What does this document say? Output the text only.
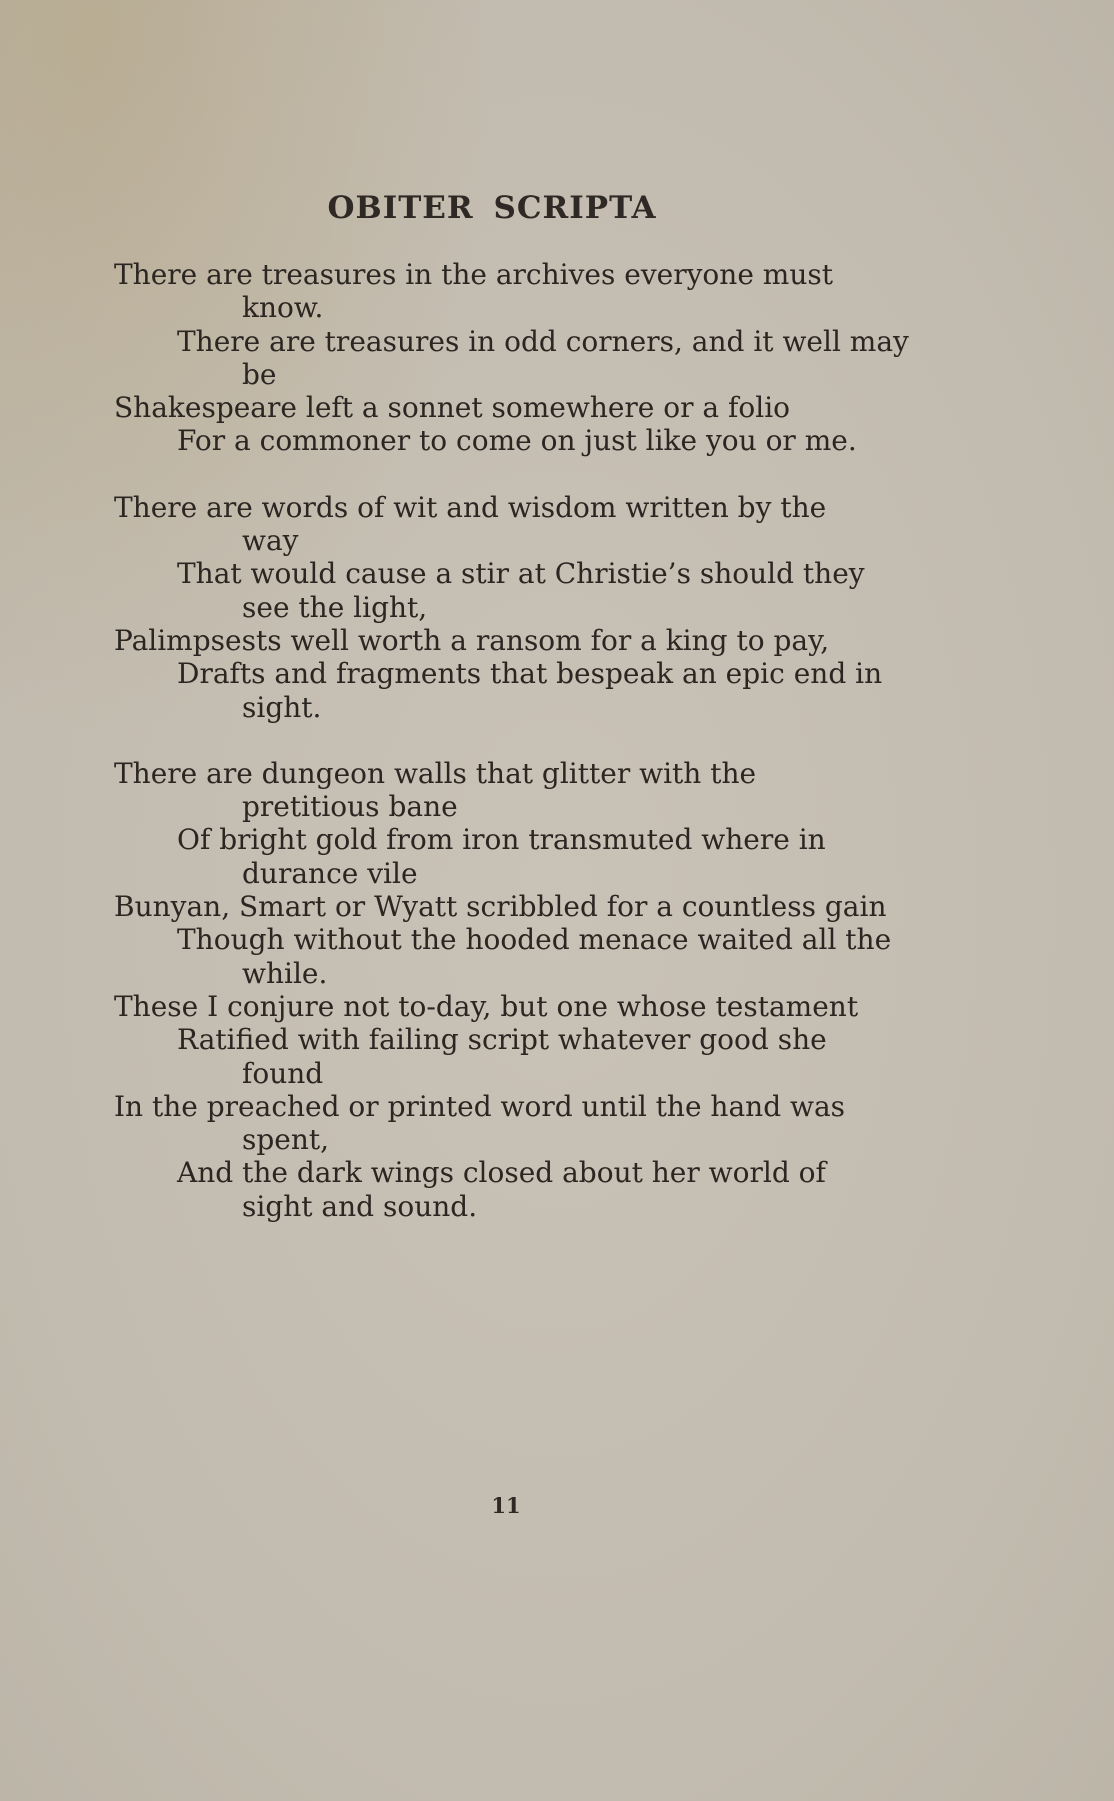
OBITER SCRIPTA
There are treasures in the archives everyone must
know.
There are treasures in odd corners, and it well may
be
Shakespeare left a sonnet somewhere or a folio
For a commoner to come on just like you or me.
There are words of wit and wisdom written by the
way
That would cause a stir at Christie’s should they
see the light,
Palimpsests well worth a ransom for a king to pay,
Drafts and fragments that bespeak an epic end in
sight.
There are dungeon walls that glitter with the
pretitious bane
Of bright gold from iron transmuted where in
durance vile
Bunyan, Smart or Wyatt scribbled for a countless gain
Though without the hooded menace waited all the
while.
These I conjure not to-day, but one whose testament
Ratified with failing script whatever good she
found
In the preached or printed word until the hand was
spent,
And the dark wings closed about her world of
sight and sound.
11
